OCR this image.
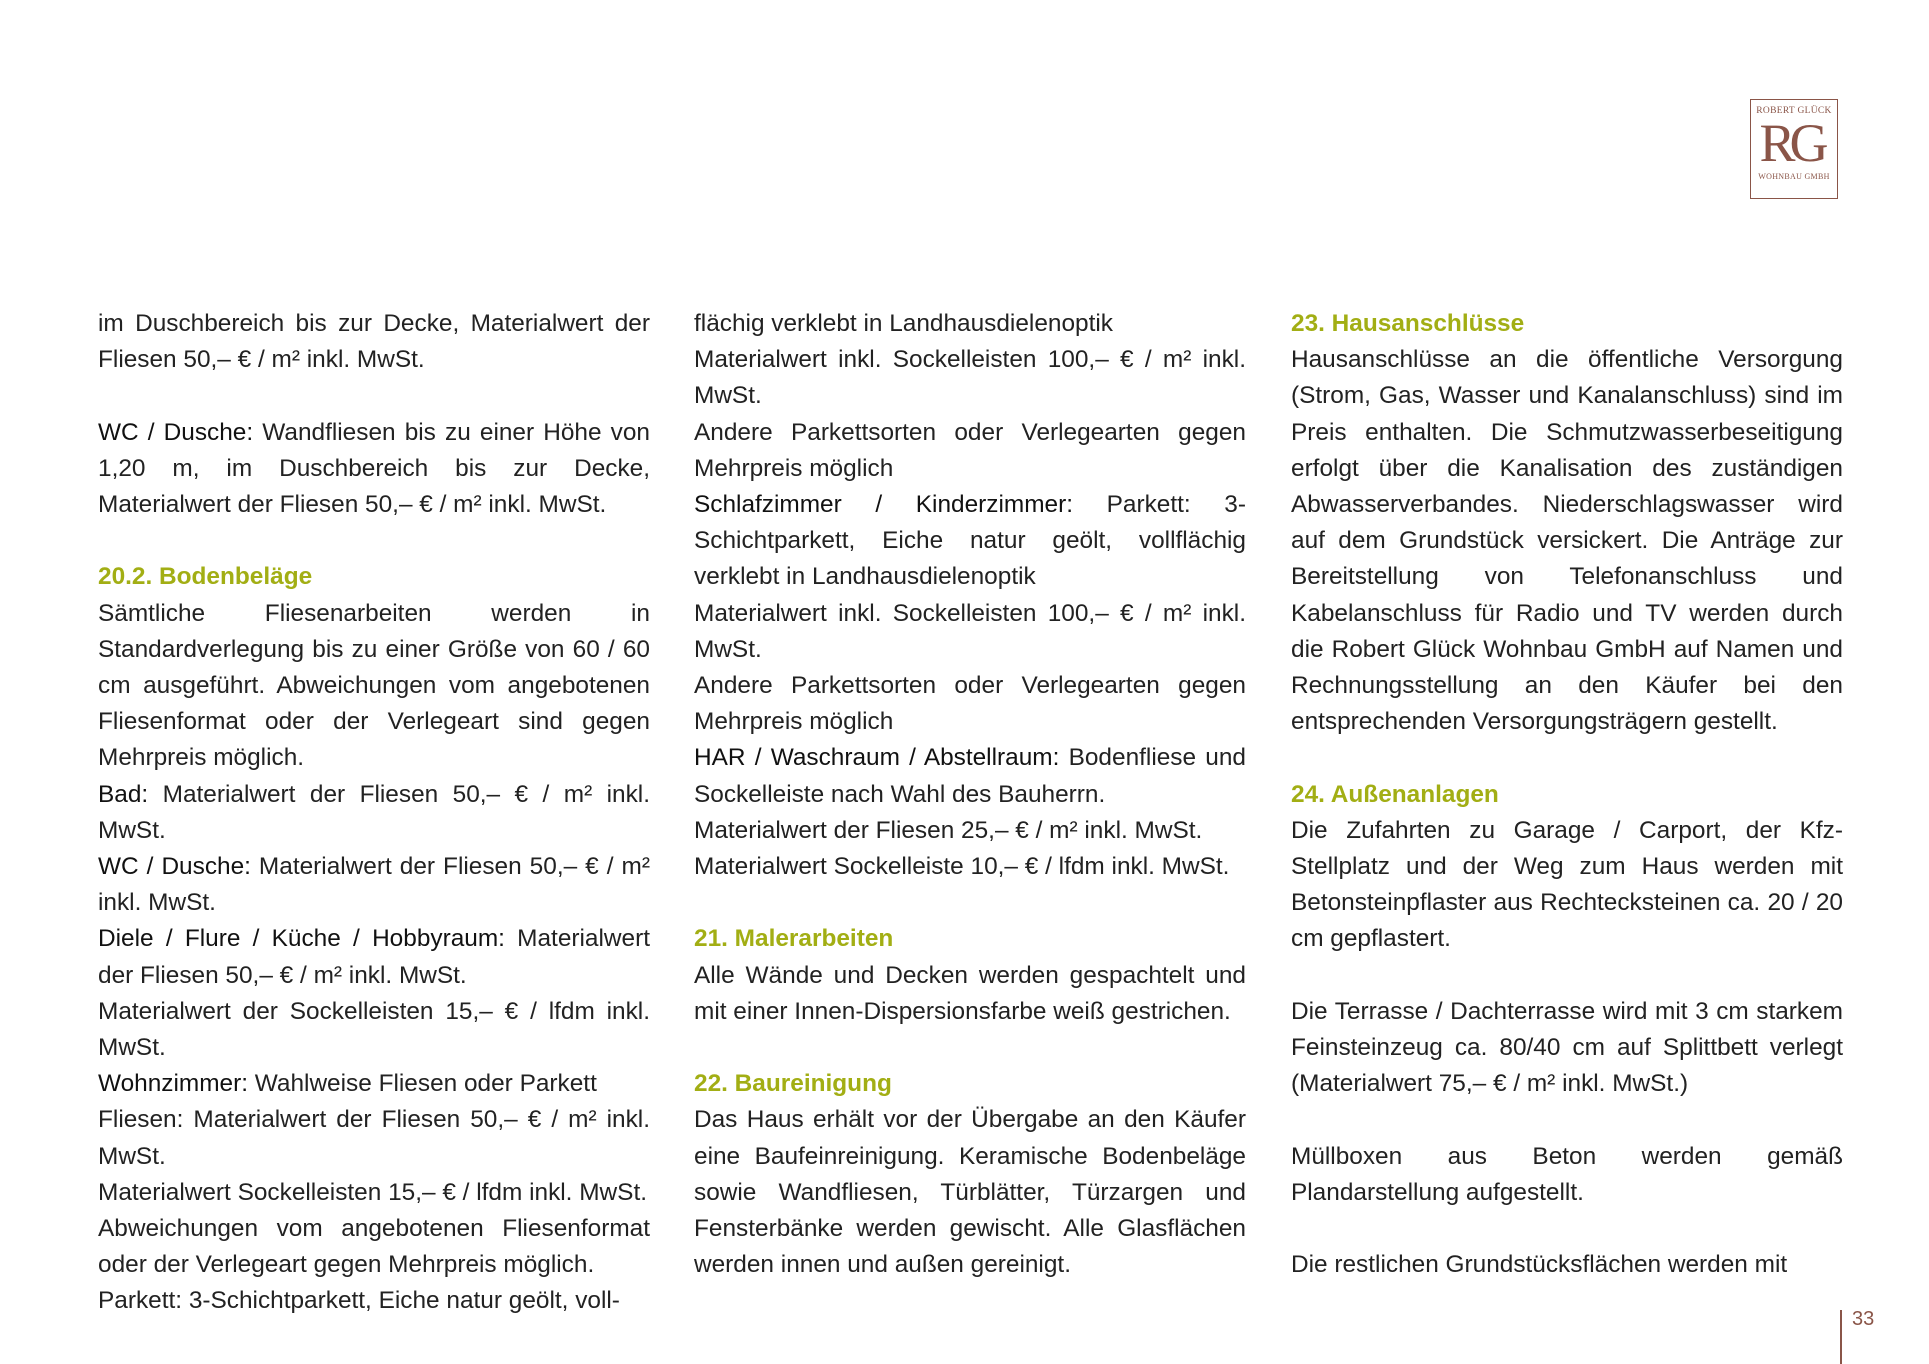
ROBERT GLÜCK
RG
WOHNBAU GMBH

im Duschbereich bis zur Decke, Materialwert der Fliesen 50,– € / m² inkl. MwSt.

WC / Dusche: Wandfliesen bis zu einer Höhe von 1,20 m, im Duschbereich bis zur Decke, Materialwert der Fliesen 50,– € / m² inkl. MwSt.

20.2. Bodenbeläge

Sämtliche Fliesenarbeiten werden in Standardverlegung bis zu einer Größe von 60 / 60 cm ausgeführt. Abweichungen vom angebotenen Fliesenformat oder der Verlegeart sind gegen Mehrpreis möglich.

Bad: Materialwert der Fliesen 50,– € / m² inkl. MwSt.

WC / Dusche: Materialwert der Fliesen 50,– € / m² inkl. MwSt.

Diele / Flure / Küche / Hobbyraum: Materialwert der Fliesen 50,– € / m² inkl. MwSt.

Materialwert der Sockelleisten 15,– € / lfdm inkl. MwSt.

Wohnzimmer: Wahlweise Fliesen oder Parkett

Fliesen: Materialwert der Fliesen 50,– € / m² inkl. MwSt.

Materialwert Sockelleisten 15,– € / lfdm inkl. MwSt.

Abweichungen vom angebotenen Fliesenformat oder der Verlegeart gegen Mehrpreis möglich.

Parkett: 3-Schichtparkett, Eiche natur geölt, voll-

flächig verklebt in Landhausdielenoptik

Materialwert inkl. Sockelleisten 100,– € / m² inkl. MwSt.

Andere Parkettsorten oder Verlegearten gegen Mehrpreis möglich

Schlafzimmer / Kinderzimmer: Parkett: 3-Schichtparkett, Eiche natur geölt, vollflächig verklebt in Landhausdielenoptik

Materialwert inkl. Sockelleisten 100,– € / m² inkl. MwSt.

Andere Parkettsorten oder Verlegearten gegen Mehrpreis möglich

HAR / Waschraum / Abstellraum: Bodenfliese und Sockelleiste nach Wahl des Bauherrn.

Materialwert der Fliesen 25,– € / m² inkl. MwSt.

Materialwert Sockelleiste 10,– € / lfdm inkl. MwSt.

21. Malerarbeiten

Alle Wände und Decken werden gespachtelt und mit einer Innen-Dispersionsfarbe weiß gestrichen.

22. Baureinigung

Das Haus erhält vor der Übergabe an den Käufer eine Baufeinreinigung. Keramische Bodenbeläge sowie Wandfliesen, Türblätter, Türzargen und Fensterbänke werden gewischt. Alle Glasflächen werden innen und außen gereinigt.

23. Hausanschlüsse

Hausanschlüsse an die öffentliche Versorgung (Strom, Gas, Wasser und Kanalanschluss) sind im Preis enthalten. Die Schmutzwasserbeseitigung erfolgt über die Kanalisation des zuständigen Abwasserverbandes. Niederschlagswasser wird auf dem Grundstück versickert. Die Anträge zur Bereitstellung von Telefonanschluss und Kabelanschluss für Radio und TV werden durch die Robert Glück Wohnbau GmbH auf Namen und Rechnungsstellung an den Käufer bei den entsprechenden Versorgungsträgern gestellt.

24. Außenanlagen

Die Zufahrten zu Garage / Carport, der Kfz-Stellplatz und der Weg zum Haus werden mit Betonsteinpflaster aus Rechtecksteinen ca. 20 / 20 cm gepflastert.

Die Terrasse / Dachterrasse wird mit 3 cm starkem Feinsteinzeug ca. 80/40 cm auf Splittbett verlegt (Materialwert 75,– € / m² inkl. MwSt.)

Müllboxen aus Beton werden gemäß Plandarstellung aufgestellt.

Die restlichen Grundstücksflächen werden mit

33
